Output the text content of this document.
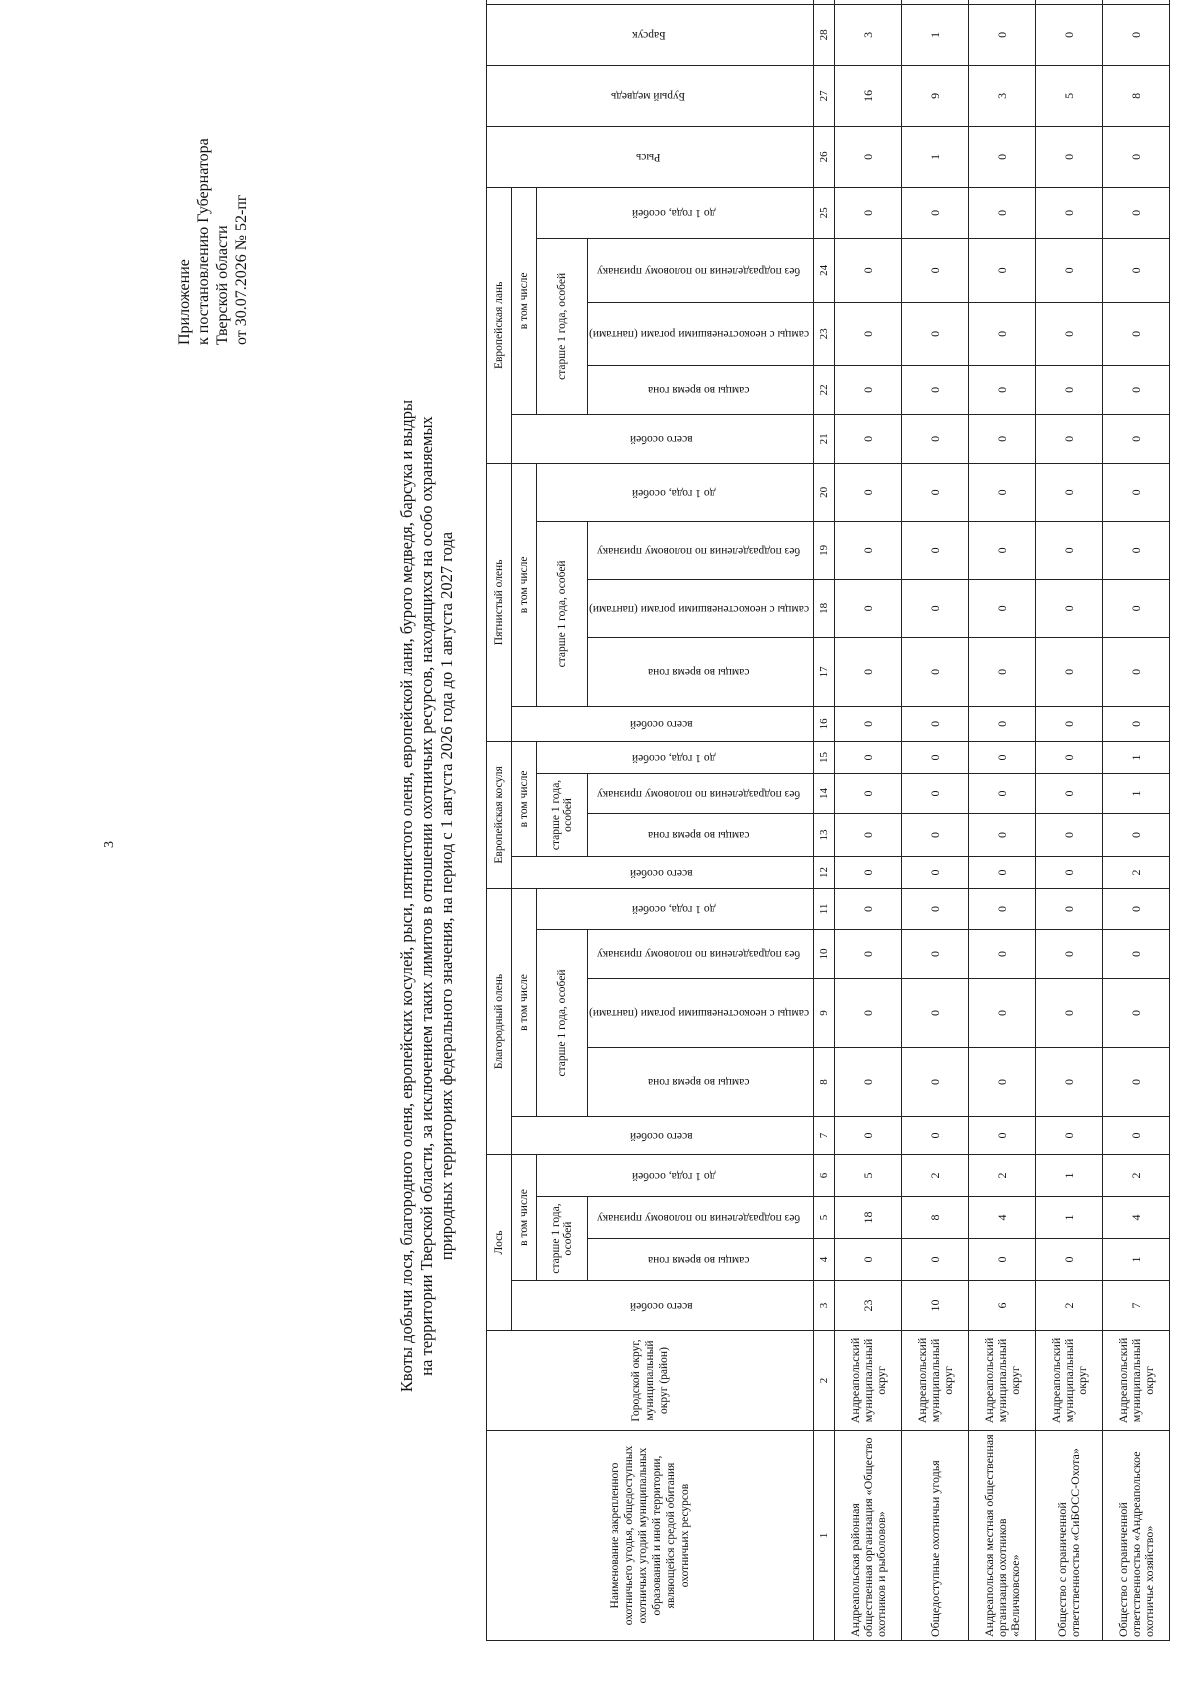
3
Приложение к постановлению Губернатора Тверской области от 30.07.2026 № 52-пг
Квоты добычи лося, благородного оленя, европейских косулей, рыси, пятнистого оленя, европейской лани, бурого медведя, барсука и выдры на территории Тверской области, за исключением таких лимитов в отношении охотничьих ресурсов, находящихся на особо охраняемых природных территориях федерального значения, на период с 1 августа 2026 года до 1 августа 2027 года
Наименование закрепленного охотничьего угодья, общедоступных охотничьих угодий муниципальных образований и иной территории, являющейся средой обитания охотничьих ресурсов	Городской округ, муниципальный округ (район)	Лось				Благородный олень					Европейская косуля				Пятнистый олень					Европейская лань					Рысь	Бурый медведь	Барсук	
		всего особей	в том числе			всего особей	в том числе				всего особей	в том числе			всего особей	в том числе				всего особей	в том числе							
			старше 1 года, особей		до 1 года, особей		старше 1 года, особей			до 1 года, особей		старше 1 года, особей		до 1 года, особей		старше 1 года, особей			до 1 года, особей		старше 1 года, особей			до 1 года, особей				
			самцы во время гона	без подразделения по половому признаку			самцы во время гона	самцы с неокостеневшими рогами (пантами)	без подразделения по половому признаку			самцы во время гона	без подразделения по половому признаку			самцы во время гона	самцы с неокостеневшими рогами (пантами)	без подразделения по половому признаку			самцы во время гона	самцы с неокостеневшими рогами (пантами)	без подразделения по половому признаку					
1	2	3	4	5	6	7	8	9	10	11	12	13	14	15	16	17	18	19	20	21	22	23	24	25	26	27	28	
Андреапольская районная общественная организация «Общество охотников и рыболовов»	Андреапольский муниципальный округ	23	0	18	5	0	0	0	0	0	0	0	0	0	0	0	0	0	0	0	0	0	0	0	0	16	3	
Общедоступные охотничьи угодья	Андреапольский муниципальный округ	10	0	8	2	0	0	0	0	0	0	0	0	0	0	0	0	0	0	0	0	0	0	0	1	9	1	
Андреапольская местная общественная организация охотников «Величковское»	Андреапольский муниципальный округ	6	0	4	2	0	0	0	0	0	0	0	0	0	0	0	0	0	0	0	0	0	0	0	0	3	0	
Общество с ограниченной ответственностью «СиБОСС-Охота»	Андреапольский муниципальный округ	2	0	1	1	0	0	0	0	0	0	0	0	0	0	0	0	0	0	0	0	0	0	0	0	5	0	
Общество с ограниченной ответственностью «Андреапольское охотничье хозяйство»	Андреапольский муниципальный округ	7	1	4	2	0	0	0	0	0	2	0	1	1	0	0	0	0	0	0	0	0	0	0	0	8	0	
